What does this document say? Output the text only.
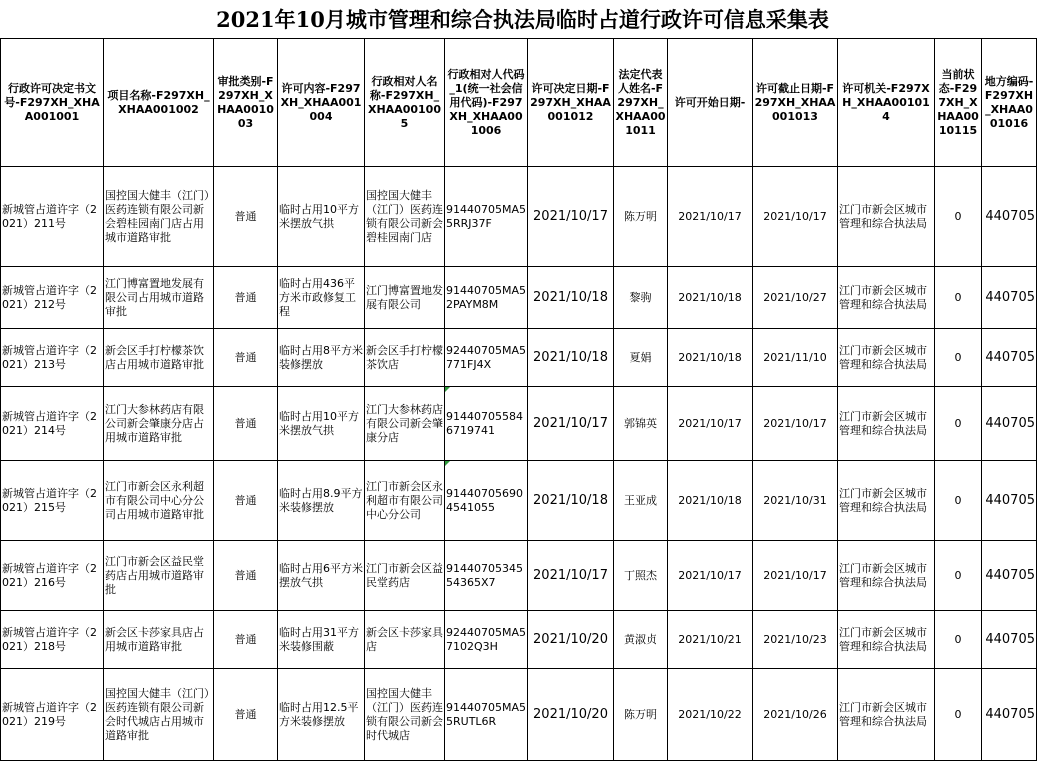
2021年10月城市管理和综合执法局临时占道行政许可信息采集表
行政许可决定书文号-F297XH_XHAA001001	项目名称-F297XH_XHAA001002	审批类别-F297XH_XHAA001003	许可内容-F297XH_XHAA001004	行政相对人名称-F297XH_XHAA001005	行政相对人代码_1(统一社会信用代码)-F297XH_XHAA001006	许可决定日期-F297XH_XHAA001012	法定代表人姓名-F297XH_XHAA001011	许可开始日期-	许可截止日期-F297XH_XHAA001013	许可机关-F297XH_XHAA001014	当前状态-F297XH_XHAA0010115	地方编码-F297XH_XHAA001016
新城管占道许字（2021）211号	国控国大健丰（江门）医药连锁有限公司新会碧桂园南门店占用城市道路审批	普通	临时占用10平方米摆放气拱	国控国大健丰（江门）医药连锁有限公司新会碧桂园南门店	91440705MA55RRJ37F	2021/10/17	陈万明	2021/10/17	2021/10/17	江门市新会区城市管理和综合执法局	0	440705
新城管占道许字（2021）212号	江门博富置地发展有限公司占用城市道路审批	普通	临时占用436平方米市政修复工程	江门博富置地发展有限公司	91440705MA52PAYM8M	2021/10/18	黎驹	2021/10/18	2021/10/27	江门市新会区城市管理和综合执法局	0	440705
新城管占道许字（2021）213号	新会区手打柠檬茶饮店占用城市道路审批	普通	临时占用8平方米装修摆放	新会区手打柠檬茶饮店	92440705MA5771FJ4X	2021/10/18	夏娟	2021/10/18	2021/11/10	江门市新会区城市管理和综合执法局	0	440705
新城管占道许字（2021）214号	江门大参林药店有限公司新会肇康分店占用城市道路审批	普通	临时占用10平方米摆放气拱	江门大参林药店有限公司新会肇康分店	914407055846719741	2021/10/17	郭锦英	2021/10/17	2021/10/17	江门市新会区城市管理和综合执法局	0	440705
新城管占道许字（2021）215号	江门市新会区永利超市有限公司中心分公司占用城市道路审批	普通	临时占用8.9平方米装修摆放	江门市新会区永利超市有限公司中心分公司	914407056904541055	2021/10/18	王亚成	2021/10/18	2021/10/31	江门市新会区城市管理和综合执法局	0	440705
新城管占道许字（2021）216号	江门市新会区益民堂药店占用城市道路审批	普通	临时占用6平方米摆放气拱	江门市新会区益民堂药店	9144070534554365X7	2021/10/17	丁照杰	2021/10/17	2021/10/17	江门市新会区城市管理和综合执法局	0	440705
新城管占道许字（2021）218号	新会区卡莎家具店占用城市道路审批	普通	临时占用31平方米装修围蔽	新会区卡莎家具店	92440705MA57102Q3H	2021/10/20	黄淑贞	2021/10/21	2021/10/23	江门市新会区城市管理和综合执法局	0	440705
新城管占道许字（2021）219号	国控国大健丰（江门）医药连锁有限公司新会时代城店占用城市道路审批	普通	临时占用12.5平方米装修摆放	国控国大健丰（江门）医药连锁有限公司新会时代城店	91440705MA55RUTL6R	2021/10/20	陈万明	2021/10/22	2021/10/26	江门市新会区城市管理和综合执法局	0	440705
